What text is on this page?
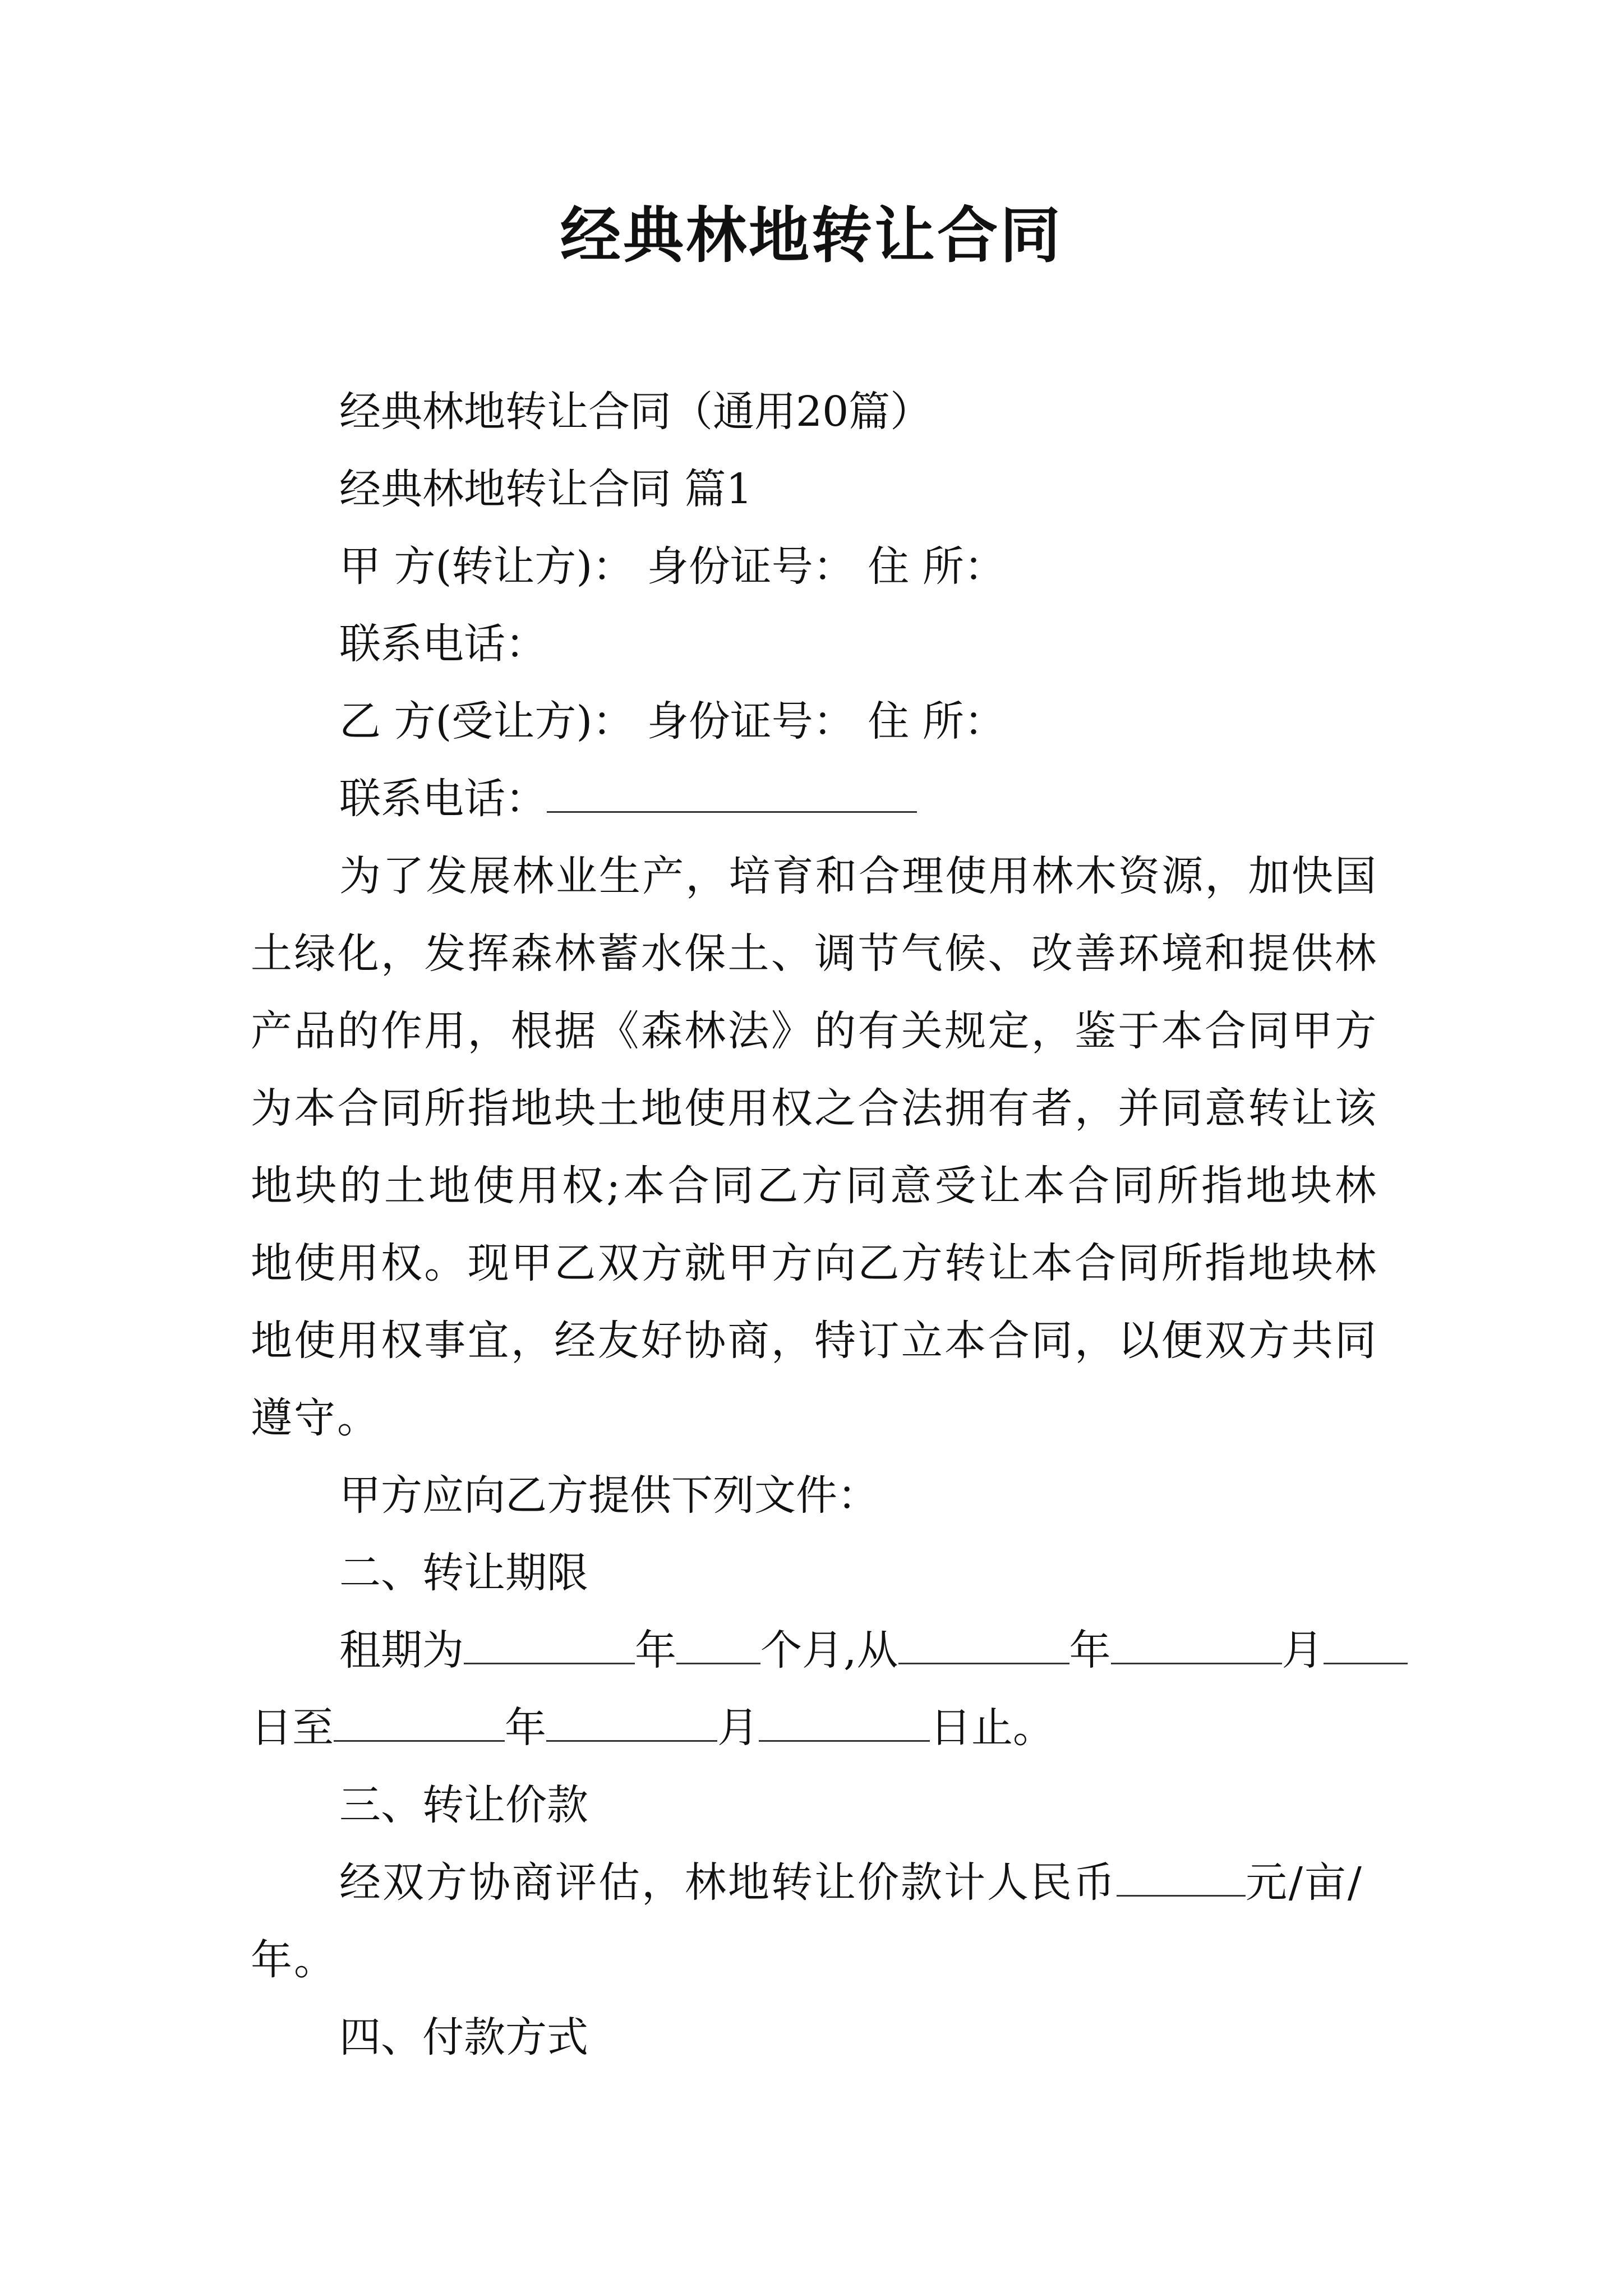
经典林地转让合同

经典林地转让合同（通用20篇）

经典林地转让合同 篇1

甲 方(转让方)： 身份证号： 住 所：

联系电话：

乙 方(受让方)： 身份证号： 住 所：

联系电话：

为了发展林业生产，培育和合理使用林木资源，加快国土绿化，发挥森林蓄水保土、调节气候、改善环境和提供林产品的作用，根据《森林法》的有关规定，鉴于本合同甲方为本合同所指地块土地使用权之合法拥有者，并同意转让该地块的土地使用权;本合同乙方同意受让本合同所指地块林地使用权。现甲乙双方就甲方向乙方转让本合同所指地块林地使用权事宜，经友好协商，特订立本合同，以便双方共同遵守。

甲方应向乙方提供下列文件：

二、转让期限

租期为	年 个月,从	年	月

日至	年	月	日止。

三、转让价款

经双方协商评估，林地转让价款计人民币	元/亩/年。

四、付款方式
